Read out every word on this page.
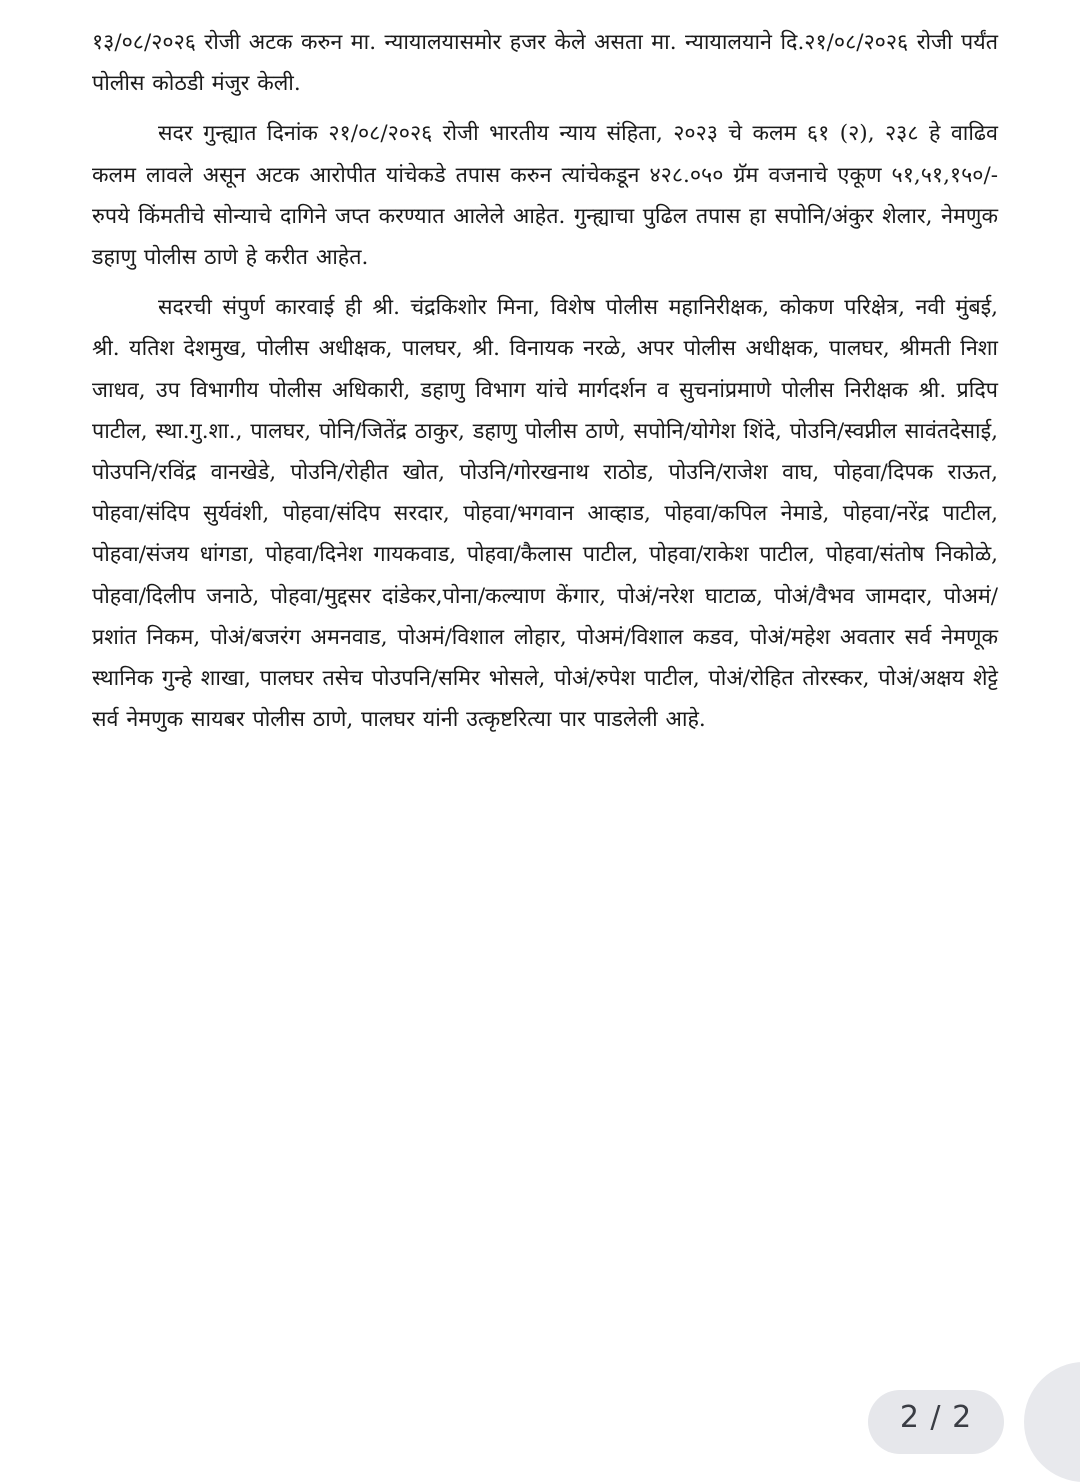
१३/०८/२०२६ रोजी अटक करुन मा. न्यायालयासमोर हजर केले असता मा. न्यायालयाने दि.२१/०८/२०२६ रोजी पर्यंत पोलीस कोठडी मंजुर केली.

सदर गुन्ह्यात दिनांक २१/०८/२०२६ रोजी भारतीय न्याय संहिता, २०२३ चे कलम ६१ (२), २३८ हे वाढिव कलम लावले असून अटक आरोपीत यांचेकडे तपास करुन त्यांचेकडून ४२८.०५० ग्रॅम वजनाचे एकूण ५१,५१,१५०/- रुपये किंमतीचे सोन्याचे दागिने जप्त करण्यात आलेले आहेत. गुन्ह्याचा पुढिल तपास हा सपोनि/अंकुर शेलार, नेमणुक डहाणु पोलीस ठाणे हे करीत आहेत.

सदरची संपुर्ण कारवाई ही श्री. चंद्रकिशोर मिना, विशेष पोलीस महानिरीक्षक, कोकण परिक्षेत्र, नवी मुंबई, श्री. यतिश देशमुख, पोलीस अधीक्षक, पालघर, श्री. विनायक नरळे, अपर पोलीस अधीक्षक, पालघर, श्रीमती निशा जाधव, उप विभागीय पोलीस अधिकारी, डहाणु विभाग यांचे मार्गदर्शन व सुचनांप्रमाणे पोलीस निरीक्षक श्री. प्रदिप पाटील, स्था.गु.शा., पालघर, पोनि/जितेंद्र ठाकुर, डहाणु पोलीस ठाणे, सपोनि/योगेश शिंदे, पोउनि/स्वप्नील सावंतदेसाई, पोउपनि/रविंद्र वानखेडे, पोउनि/रोहीत खोत, पोउनि/गोरखनाथ राठोड, पोउनि/राजेश वाघ, पोहवा/दिपक राऊत, पोहवा/संदिप सुर्यवंशी, पोहवा/संदिप सरदार, पोहवा/भगवान आव्हाड, पोहवा/कपिल नेमाडे, पोहवा/नरेंद्र पाटील, पोहवा/संजय धांगडा, पोहवा/दिनेश गायकवाड, पोहवा/कैलास पाटील, पोहवा/राकेश पाटील, पोहवा/संतोष निकोळे, पोहवा/दिलीप जनाठे, पोहवा/मुद्दसर दांडेकर,पोना/कल्याण केंगार, पोअं/नरेश घाटाळ, पोअं/वैभव जामदार, पोअमं/प्रशांत निकम, पोअं/बजरंग अमनवाड, पोअमं/विशाल लोहार, पोअमं/विशाल कडव, पोअं/महेश अवतार सर्व नेमणूक स्थानिक गुन्हे शाखा, पालघर तसेच पोउपनि/समिर भोसले, पोअं/रुपेश पाटील, पोअं/रोहित तोरस्कर, पोअं/अक्षय शेट्टे सर्व नेमणुक सायबर पोलीस ठाणे, पालघर यांनी उत्कृष्टरित्या पार पाडलेली आहे.

2 / 2
